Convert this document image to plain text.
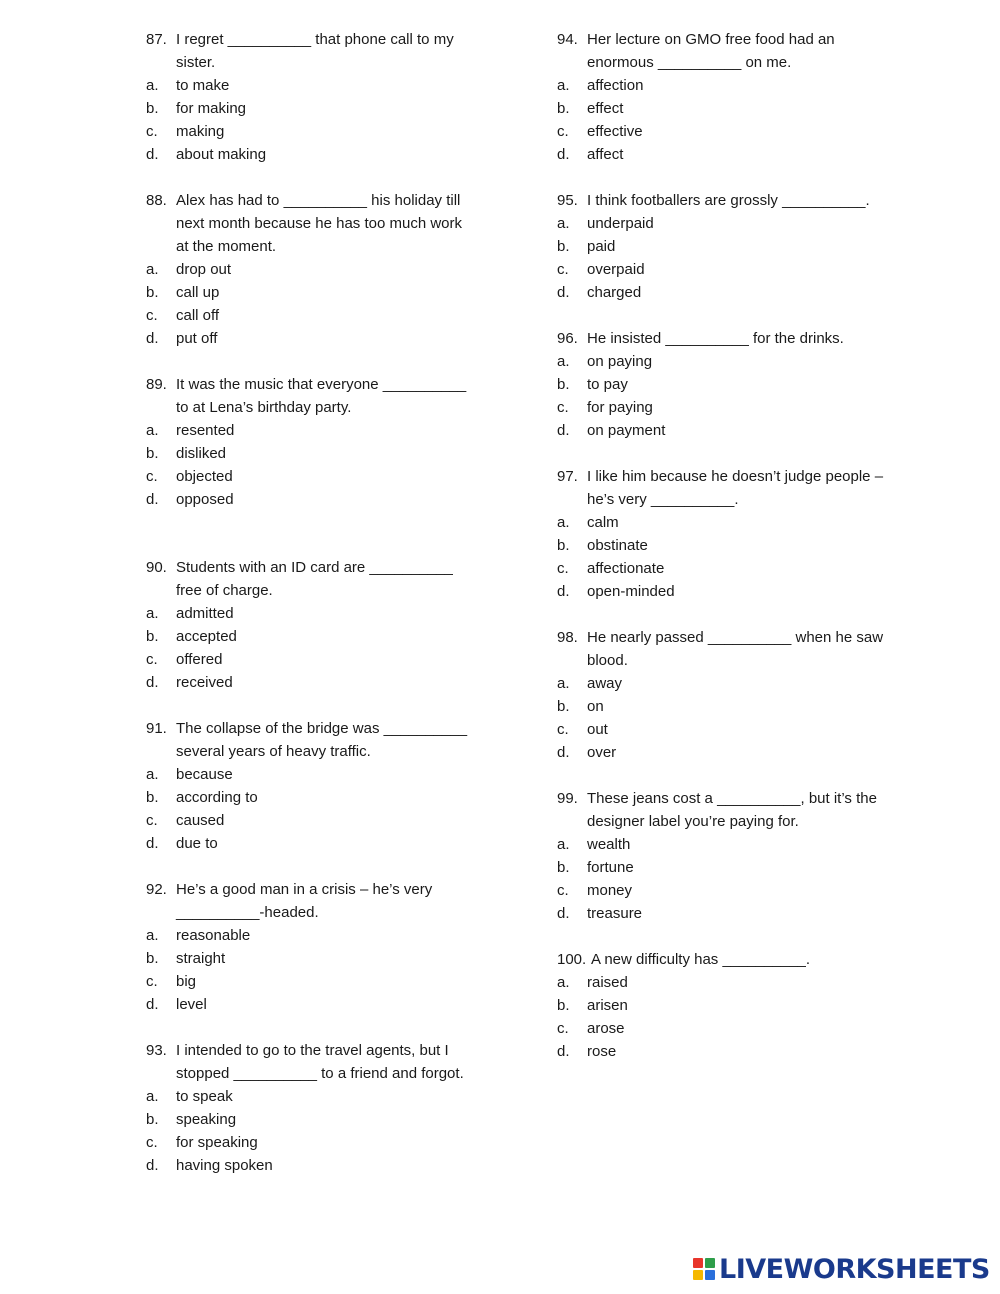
87. I regret __________ that phone call to my
sister.
a.	to make
b.	for making
c.	making
d.	about making
88. Alex has had to __________ his holiday till
next month because he has too much work
at the moment.
a.	drop out
b.	call up
c.	call off
d.	put off
89. It was the music that everyone __________
to at Lena’s birthday party.
a.	resented
b.	disliked
c.	objected
d.	opposed
90. Students with an ID card are __________
free of charge.
a.	admitted
b.	accepted
c.	offered
d.	received
91. The collapse of the bridge was __________
several years of heavy traffic.
a.	because
b.	according to
c.	caused
d.	due to
92. He’s a good man in a crisis – he’s very
__________-headed.
a.	reasonable
b.	straight
c.	big
d.	level
93. I intended to go to the travel agents, but I
stopped __________ to a friend and forgot.
a.	to speak
b.	speaking
c.	for speaking
d.	having spoken
94. Her lecture on GMO free food had an
enormous __________ on me.
a.	affection
b.	effect
c.	effective
d.	affect
95. I think footballers are grossly __________.
a.	underpaid
b.	paid
c.	overpaid
d.	charged
96. He insisted __________ for the drinks.
a.	on paying
b.	to pay
c.	for paying
d.	on payment
97. I like him because he doesn’t judge people –
he’s very __________.
a.	calm
b.	obstinate
c.	affectionate
d.	open-minded
98. He nearly passed __________ when he saw
blood.
a.	away
b.	on
c.	out
d.	over
99. These jeans cost a __________, but it’s the
designer label you’re paying for.
a.	wealth
b.	fortune
c.	money
d.	treasure
100. A new difficulty has __________.
a.	raised
b.	arisen
c.	arose
d.	rose
LIVEWORKSHEETS
